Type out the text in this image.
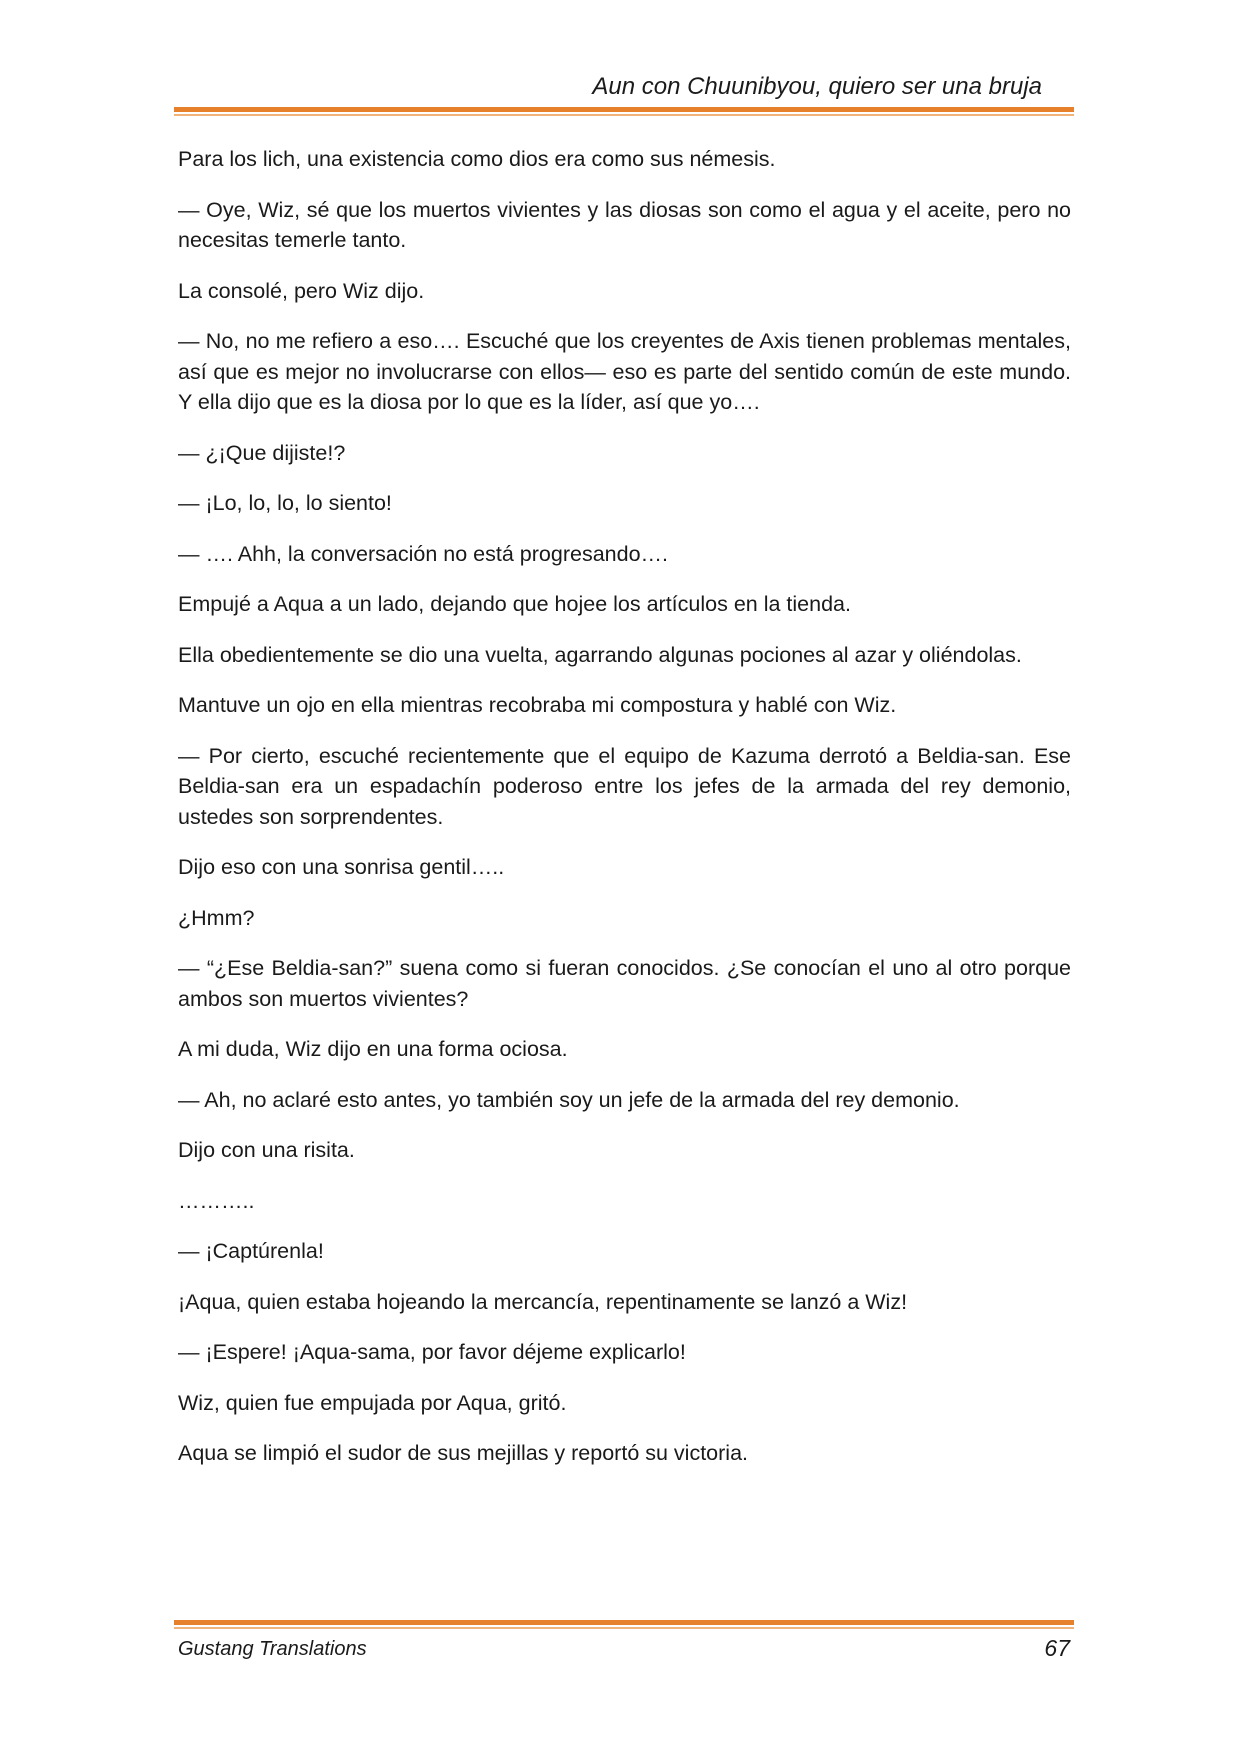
Aun con Chuunibyou, quiero ser una bruja

Para los lich, una existencia como dios era como sus némesis.

— Oye, Wiz, sé que los muertos vivientes y las diosas son como el agua y el aceite, pero no necesitas temerle tanto.

La consolé, pero Wiz dijo.

— No, no me refiero a eso…. Escuché que los creyentes de Axis tienen problemas mentales, así que es mejor no involucrarse con ellos— eso es parte del sentido común de este mundo. Y ella dijo que es la diosa por lo que es la líder, así que yo….

— ¿¡Que dijiste!?

— ¡Lo, lo, lo, lo siento!

— …. Ahh, la conversación no está progresando….

Empujé a Aqua a un lado, dejando que hojee los artículos en la tienda.

Ella obedientemente se dio una vuelta, agarrando algunas pociones al azar y oliéndolas.

Mantuve un ojo en ella mientras recobraba mi compostura y hablé con Wiz.

— Por cierto, escuché recientemente que el equipo de Kazuma derrotó a Beldia-san. Ese Beldia-san era un espadachín poderoso entre los jefes de la armada del rey demonio, ustedes son sorprendentes.

Dijo eso con una sonrisa gentil…..

¿Hmm?

— “¿Ese Beldia-san?” suena como si fueran conocidos. ¿Se conocían el uno al otro porque ambos son muertos vivientes?

A mi duda, Wiz dijo en una forma ociosa.

— Ah, no aclaré esto antes, yo también soy un jefe de la armada del rey demonio.

Dijo con una risita.

………..

— ¡Captúrenla!

¡Aqua, quien estaba hojeando la mercancía, repentinamente se lanzó a Wiz!

— ¡Espere! ¡Aqua-sama, por favor déjeme explicarlo!

Wiz, quien fue empujada por Aqua, gritó.

Aqua se limpió el sudor de sus mejillas y reportó su victoria.

Gustang Translations	67
